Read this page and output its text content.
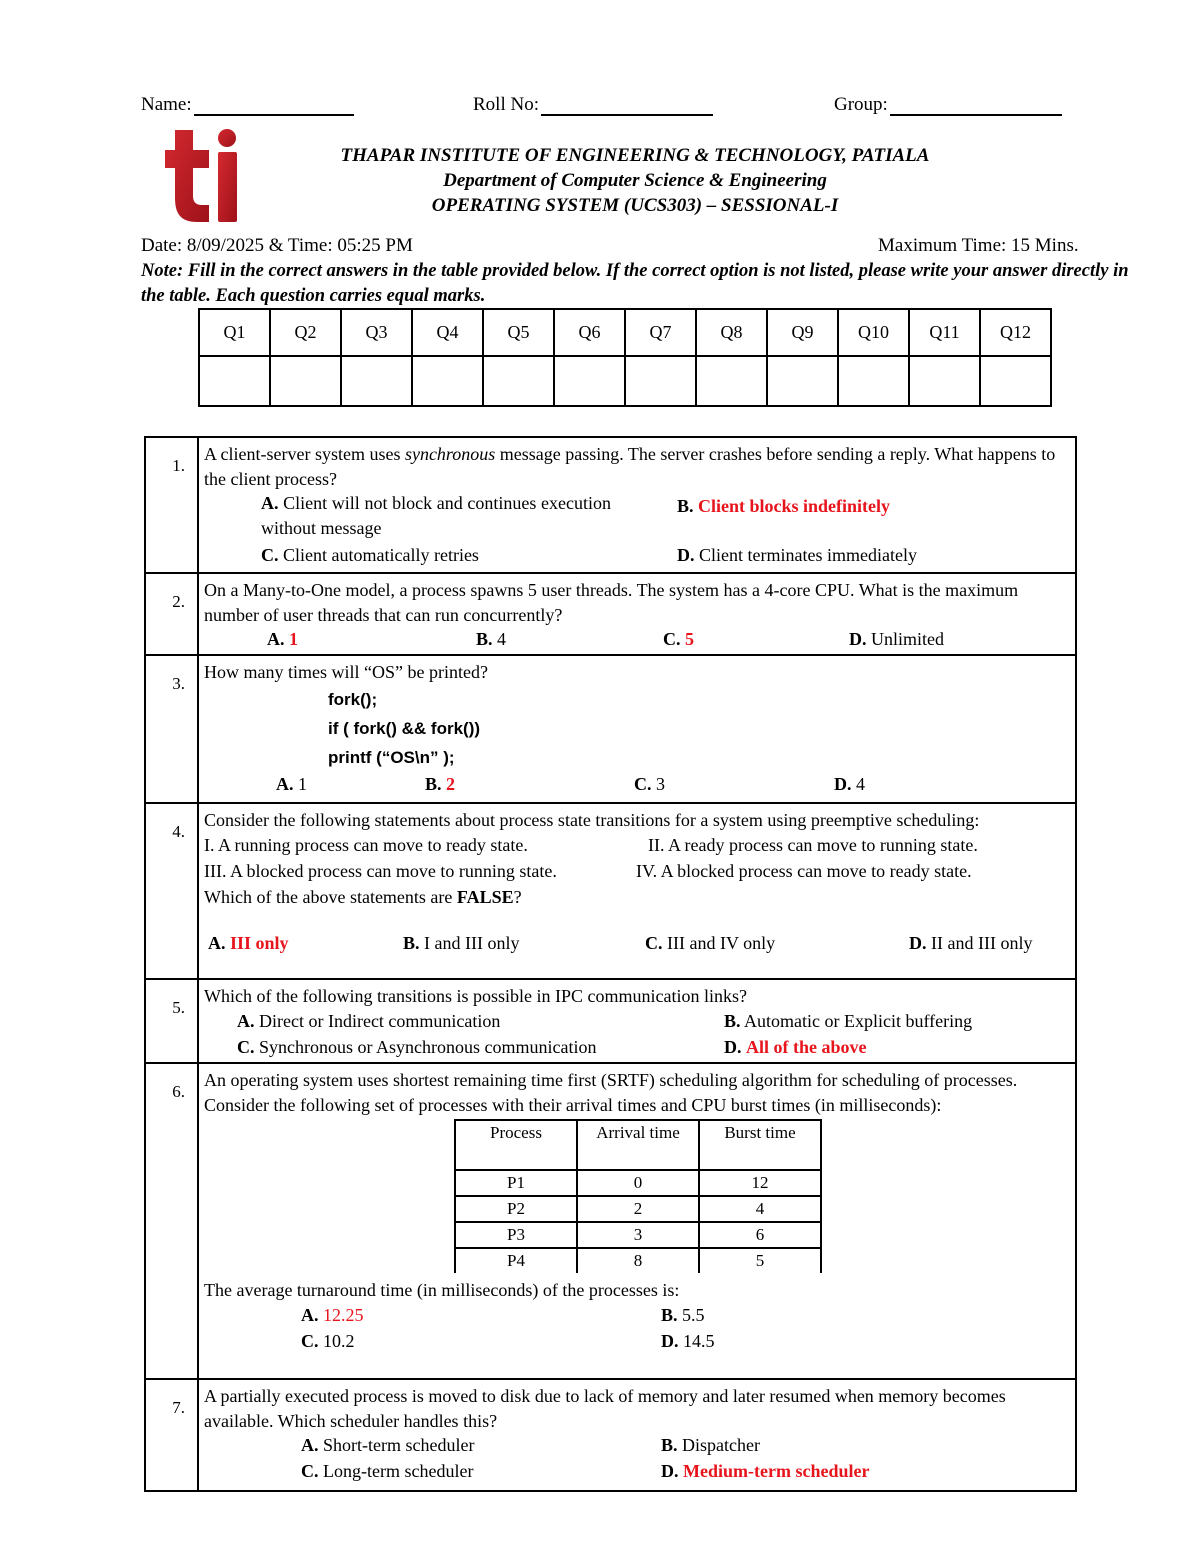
Name:	Roll No:	Group:
THAPAR INSTITUTE OF ENGINEERING & TECHNOLOGY, PATIALA
Department of Computer Science & Engineering
OPERATING SYSTEM (UCS303) – SESSIONAL-I
Date: 8/09/2025 & Time: 05:25 PM	Maximum Time: 15 Mins.
Note: Fill in the correct answers in the table provided below. If the correct option is not listed, please write your answer directly in the table. Each question carries equal marks.
Q1	Q2	Q3	Q4	Q5	Q6	Q7	Q8	Q9	Q10	Q11	Q12

1.
A client-server system uses synchronous message passing. The server crashes before sending a reply. What happens to the client process?
A. Client will not block and continues execution without message
B. Client blocks indefinitely
C. Client automatically retries	D. Client terminates immediately
2.
On a Many-to-One model, a process spawns 5 user threads. The system has a 4-core CPU. What is the maximum number of user threads that can run concurrently?
A. 1	B. 4	C. 5	D. Unlimited
3.
How many times will “OS” be printed?
fork();
if ( fork() && fork())
printf (“OS\n” );
A. 1	B. 2	C. 3	D. 4
4.
Consider the following statements about process state transitions for a system using preemptive scheduling:
I. A running process can move to ready state.	II. A ready process can move to running state.
III. A blocked process can move to running state.	IV. A blocked process can move to ready state.
Which of the above statements are FALSE?
A. III only	B. I and III only	C. III and IV only	D. II and III only
5.
Which of the following transitions is possible in IPC communication links?
A. Direct or Indirect communication	B. Automatic or Explicit buffering
C. Synchronous or Asynchronous communication	D. All of the above
6.
An operating system uses shortest remaining time first (SRTF) scheduling algorithm for scheduling of processes. Consider the following set of processes with their arrival times and CPU burst times (in milliseconds):
Process	Arrival time	Burst time
P1	0	12
P2	2	4
P3	3	6
P4	8	5
The average turnaround time (in milliseconds) of the processes is:
A. 12.25	B. 5.5
C. 10.2	D. 14.5
7.
A partially executed process is moved to disk due to lack of memory and later resumed when memory becomes available. Which scheduler handles this?
A. Short-term scheduler	B. Dispatcher
C. Long-term scheduler	D. Medium-term scheduler
